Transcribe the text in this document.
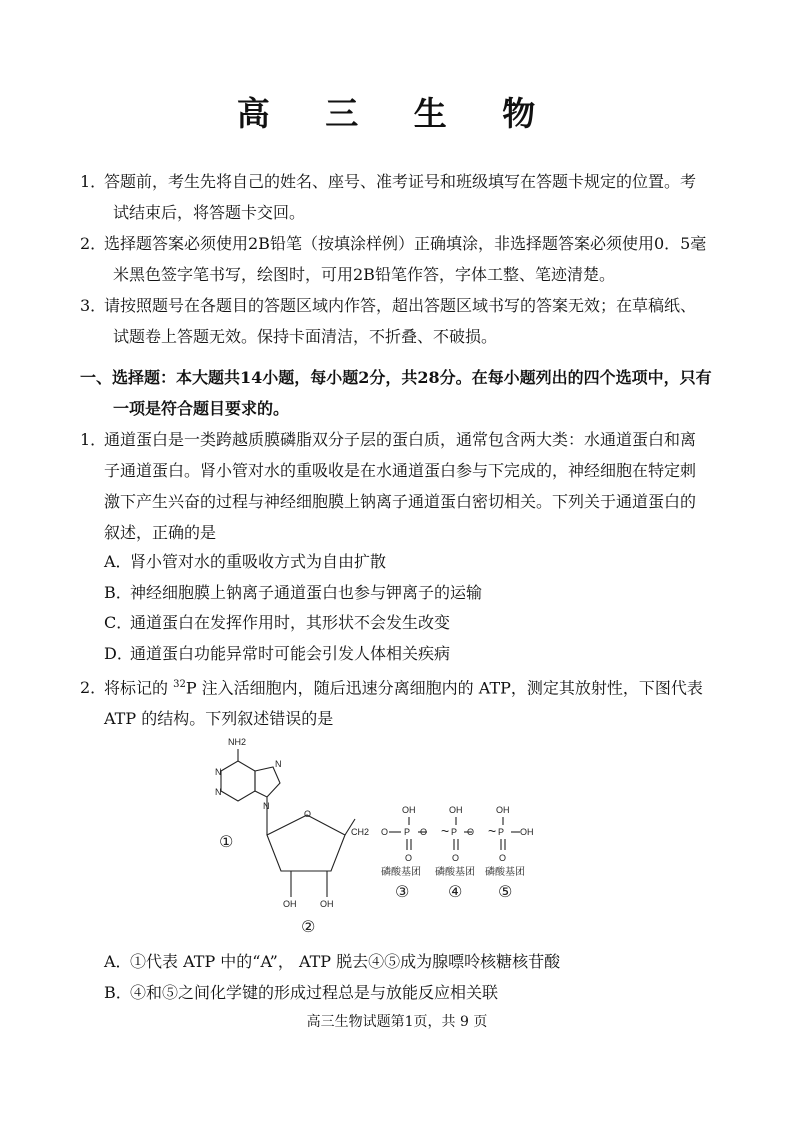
高 三 生 物
1．答题前，考生先将自己的姓名、座号、准考证号和班级填写在答题卡规定的位置。考
试结束后，将答题卡交回。
2．选择题答案必须使用2B铅笔（按填涂样例）正确填涂，非选择题答案必须使用0．5毫
米黑色签字笔书写，绘图时，可用2B铅笔作答，字体工整、笔迹清楚。
3．请按照题号在各题目的答题区域内作答，超出答题区域书写的答案无效；在草稿纸、
试题卷上答题无效。保持卡面清洁，不折叠、不破损。
一、选择题：本大题共14小题，每小题2分，共28分。在每小题列出的四个选项中，只有
一项是符合题目要求的。
1．通道蛋白是一类跨越质膜磷脂双分子层的蛋白质，通常包含两大类：水通道蛋白和离
子通道蛋白。肾小管对水的重吸收是在水通道蛋白参与下完成的，神经细胞在特定刺
激下产生兴奋的过程与神经细胞膜上钠离子通道蛋白密切相关。下列关于通道蛋白的
叙述，正确的是
A．肾小管对水的重吸收方式为自由扩散
B．神经细胞膜上钠离子通道蛋白也参与钾离子的运输
C．通道蛋白在发挥作用时，其形状不会发生改变
D．通道蛋白功能异常时可能会引发人体相关疾病
2．将标记的 $^{32}$P 注入活细胞内，随后迅速分离细胞内的 ATP，测定其放射性，下图代表
ATP 的结构。下列叙述错误的是
NH2
N
N
N
N
O
OH	OH
CH2 O P
OH
O
O ~ P
OH
O
O ~ P
OH
O
OH
磷酸基团 磷酸基团 磷酸基团
①
②
③ ④ ⑤
A．①代表 ATP 中的“A”， ATP 脱去④⑤成为腺嘌呤核糖核苷酸
B．④和⑤之间化学键的形成过程总是与放能反应相关联
高三生物试题第1页，共 9 页
